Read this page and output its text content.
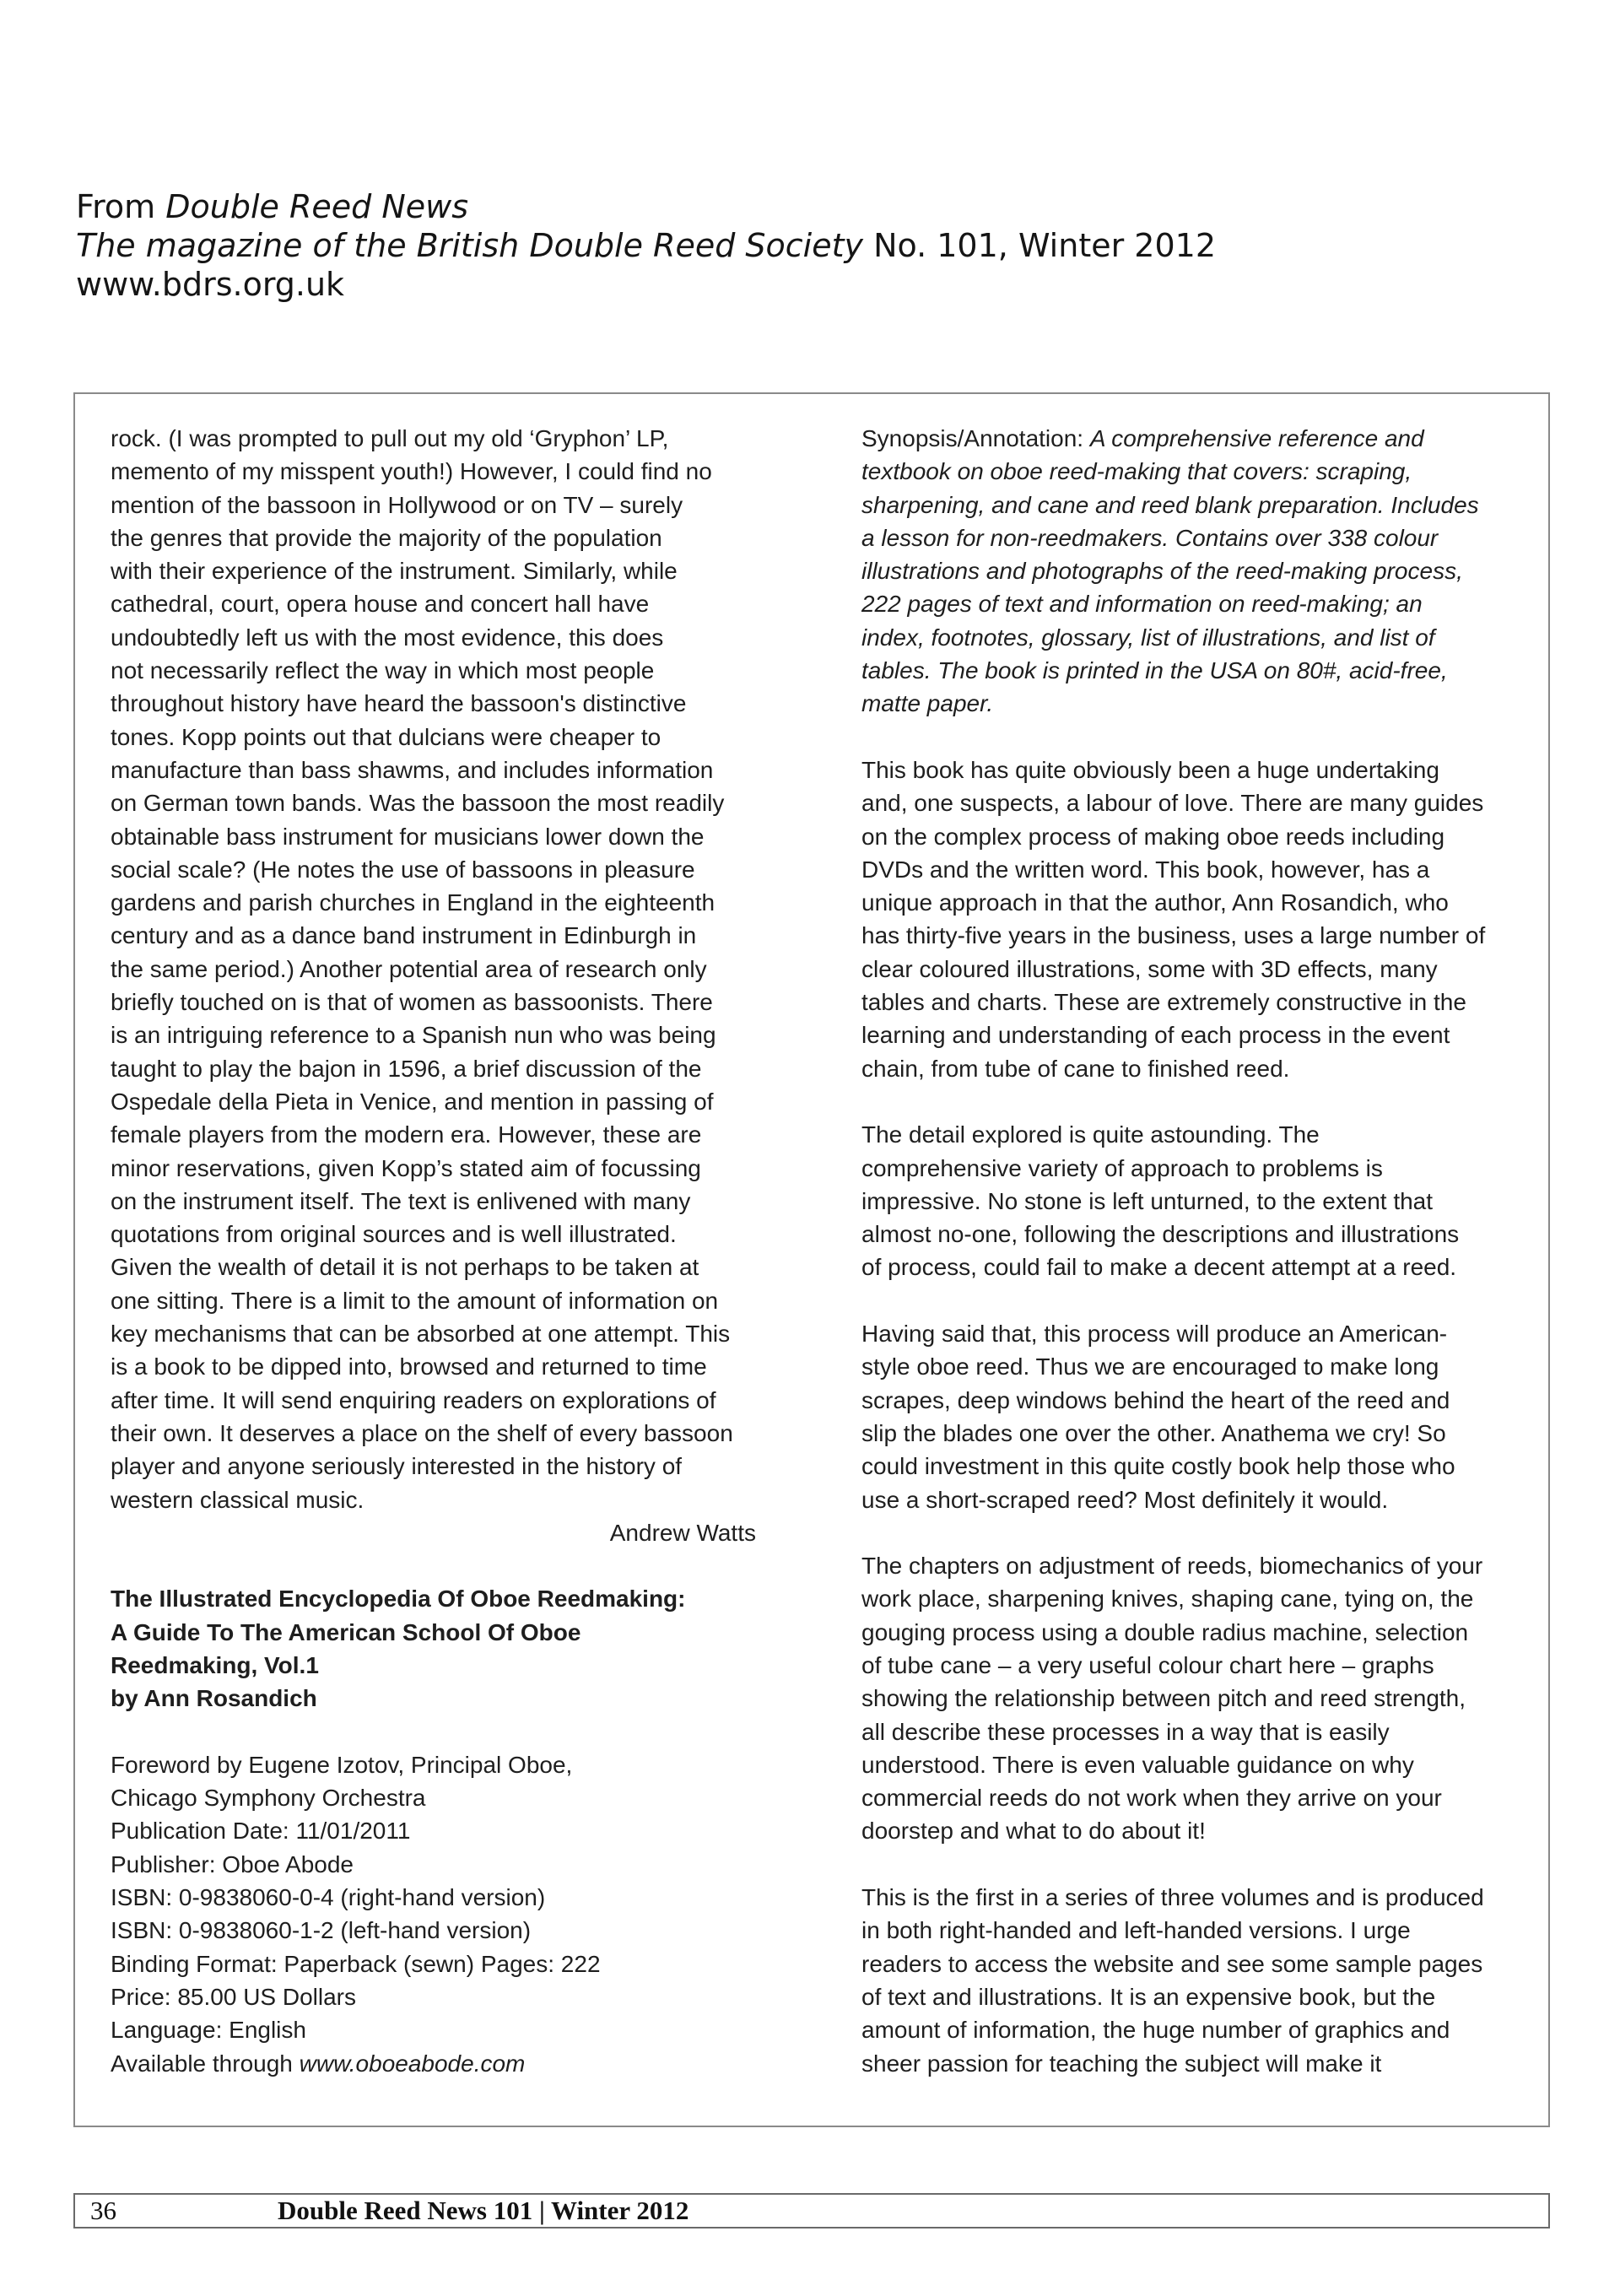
From Double Reed News
The magazine of the British Double Reed Society No. 101, Winter 2012
www.bdrs.org.uk
rock. (I was prompted to pull out my old ‘Gryphon’ LP,
memento of my misspent youth!) However, I could find no
mention of the bassoon in Hollywood or on TV – surely
the genres that provide the majority of the population
with their experience of the instrument. Similarly, while
cathedral, court, opera house and concert hall have
undoubtedly left us with the most evidence, this does
not necessarily reflect the way in which most people
throughout history have heard the bassoon's distinctive
tones. Kopp points out that dulcians were cheaper to
manufacture than bass shawms, and includes information
on German town bands. Was the bassoon the most readily
obtainable bass instrument for musicians lower down the
social scale? (He notes the use of bassoons in pleasure
gardens and parish churches in England in the eighteenth
century and as a dance band instrument in Edinburgh in
the same period.) Another potential area of research only
briefly touched on is that of women as bassoonists. There
is an intriguing reference to a Spanish nun who was being
taught to play the bajon in 1596, a brief discussion of the
Ospedale della Pieta in Venice, and mention in passing of
female players from the modern era. However, these are
minor reservations, given Kopp’s stated aim of focussing
on the instrument itself. The text is enlivened with many
quotations from original sources and is well illustrated.
Given the wealth of detail it is not perhaps to be taken at
one sitting. There is a limit to the amount of information on
key mechanisms that can be absorbed at one attempt. This
is a book to be dipped into, browsed and returned to time
after time. It will send enquiring readers on explorations of
their own. It deserves a place on the shelf of every bassoon
player and anyone seriously interested in the history of
western classical music.
Andrew Watts
The Illustrated Encyclopedia Of Oboe Reedmaking:
A Guide To The American School Of Oboe
Reedmaking, Vol.1
by Ann Rosandich
Foreword by Eugene Izotov, Principal Oboe,
Chicago Symphony Orchestra
Publication Date: 11/01/2011
Publisher: Oboe Abode
ISBN: 0-9838060-0-4 (right-hand version)
ISBN: 0-9838060-1-2 (left-hand version)
Binding Format: Paperback (sewn) Pages: 222
Price: 85.00 US Dollars
Language: English
Available through www.oboeabode.com
Synopsis/Annotation: A comprehensive reference and
textbook on oboe reed-making that covers: scraping,
sharpening, and cane and reed blank preparation. Includes
a lesson for non-reedmakers. Contains over 338 colour
illustrations and photographs of the reed-making process,
222 pages of text and information on reed-making; an
index, footnotes, glossary, list of illustrations, and list of
tables. The book is printed in the USA on 80#, acid-free,
matte paper.
This book has quite obviously been a huge undertaking
and, one suspects, a labour of love. There are many guides
on the complex process of making oboe reeds including
DVDs and the written word. This book, however, has a
unique approach in that the author, Ann Rosandich, who
has thirty-five years in the business, uses a large number of
clear coloured illustrations, some with 3D effects, many
tables and charts. These are extremely constructive in the
learning and understanding of each process in the event
chain, from tube of cane to finished reed.
The detail explored is quite astounding. The
comprehensive variety of approach to problems is
impressive. No stone is left unturned, to the extent that
almost no-one, following the descriptions and illustrations
of process, could fail to make a decent attempt at a reed.
Having said that, this process will produce an American-
style oboe reed. Thus we are encouraged to make long
scrapes, deep windows behind the heart of the reed and
slip the blades one over the other. Anathema we cry! So
could investment in this quite costly book help those who
use a short-scraped reed? Most definitely it would.
The chapters on adjustment of reeds, biomechanics of your
work place, sharpening knives, shaping cane, tying on, the
gouging process using a double radius machine, selection
of tube cane – a very useful colour chart here – graphs
showing the relationship between pitch and reed strength,
all describe these processes in a way that is easily
understood. There is even valuable guidance on why
commercial reeds do not work when they arrive on your
doorstep and what to do about it!
This is the first in a series of three volumes and is produced
in both right-handed and left-handed versions. I urge
readers to access the website and see some sample pages
of text and illustrations. It is an expensive book, but the
amount of information, the huge number of graphics and
sheer passion for teaching the subject will make it
36	Double Reed News 101 | Winter 2012
